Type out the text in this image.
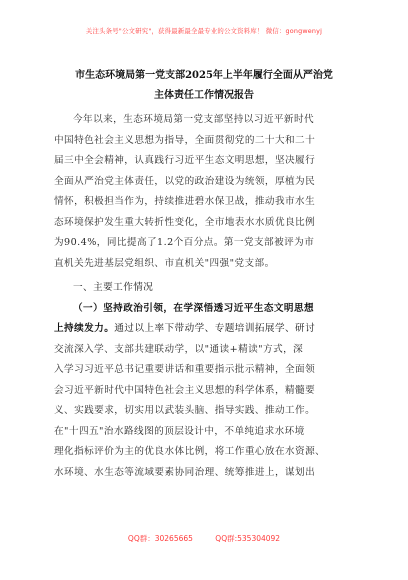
关注头条号"公文研究"，获得最新最全最专业的公文资料库！ 微信：gongwenyj
市生态环境局第一党支部2025年上半年履行全面从严治党
主体责任工作情况报告
今年以来，生态环境局第一党支部坚持以习近平新时代
中国特色社会主义思想为指导，全面贯彻党的二十大和二十
届三中全会精神，认真践行习近平生态文明思想，坚决履行
全面从严治党主体责任，以党的政治建设为统领，厚植为民
情怀，积极担当作为，持续推进碧水保卫战，推动我市水生
态环境保护发生重大转折性变化，全市地表水水质优良比例
为90.4%，同比提高了1.2个百分点。第一党支部被评为市
直机关先进基层党组织、市直机关"四强"党支部。
一、主要工作情况
（一）坚持政治引领，在学深悟透习近平生态文明思想
上持续发力。通过以上率下带动学、专题培训拓展学、研讨
交流深入学、支部共建联动学，以"通读+精读"方式，深
入学习习近平总书记重要讲话和重要指示批示精神，全面领
会习近平新时代中国特色社会主义思想的科学体系，精髓要
义、实践要求，切实用以武装头脑、指导实践、推动工作。
在"十四五"治水路线图的顶层设计中，不单纯追求水环境
理化指标评价为主的优良水体比例，将工作重心放在水资源、
水环境、水生态等流域要素协同治理、统筹推进上，谋划出
QQ群：30265665	QQ群:535304092
